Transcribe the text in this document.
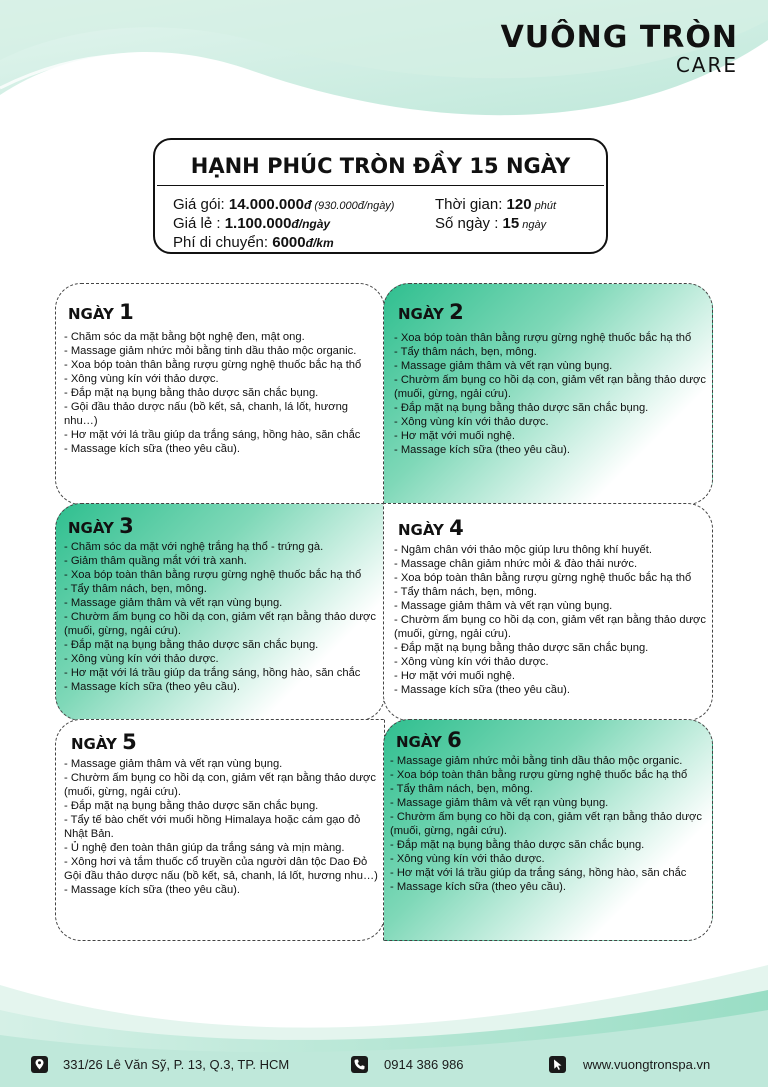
VUÔNG TRÒN
CARE
HẠNH PHÚC TRÒN ĐẦY 15 NGÀY
Giá gói: 14.000.000đ (930.000đ/ngày)
Giá lẻ : 1.100.000đ/ngày
Phí di chuyển: 6000đ/km
Thời gian: 120 phút
Số ngày : 15 ngày
NGÀY 1
- Chăm sóc da mặt bằng bột nghệ đen, mật ong.
- Massage giảm nhức mỏi bằng tinh dầu thảo mộc organic.
- Xoa bóp toàn thân bằng rượu gừng nghệ thuốc bắc hạ thổ
- Xông vùng kín với thảo dược.
- Đắp mặt nạ bụng bằng thảo dược săn chắc bụng.
- Gội đầu thảo dược nấu (bồ kết, sả, chanh, lá lốt, hương nhu…)
- Hơ mặt với lá trầu giúp da trắng sáng, hồng hào, săn chắc
- Massage kích sữa (theo yêu cầu).
NGÀY 2
- Xoa bóp toàn thân bằng rượu gừng nghệ thuốc bắc hạ thổ
- Tẩy thâm nách, bẹn, mông.
- Massage giảm thâm và vết rạn vùng bụng.
- Chườm ấm bụng co hồi dạ con, giảm vết rạn bằng thảo dược (muối, gừng, ngải cứu).
- Đắp mặt nạ bụng bằng thảo dược săn chắc bụng.
- Xông vùng kín với thảo dược.
- Hơ mặt với muối nghệ.
- Massage kích sữa (theo yêu cầu).
NGÀY 3
- Chăm sóc da mặt với nghệ trắng hạ thổ - trứng gà.
- Giảm thâm quầng mắt với trà xanh.
- Xoa bóp toàn thân bằng rượu gừng nghệ thuốc bắc hạ thổ
- Tẩy thâm nách, bẹn, mông.
- Massage giảm thâm và vết rạn vùng bụng.
- Chườm ấm bụng co hồi dạ con, giảm vết rạn bằng thảo dược (muối, gừng, ngải cứu).
- Đắp mặt nạ bụng bằng thảo dược săn chắc bụng.
- Xông vùng kín với thảo dược.
- Hơ mặt với lá trầu giúp da trắng sáng, hồng hào, săn chắc
- Massage kích sữa (theo yêu cầu).
NGÀY 4
- Ngâm chân với thảo mộc giúp lưu thông khí huyết.
- Massage chân giảm nhức mỏi & đào thải nước.
- Xoa bóp toàn thân bằng rượu gừng nghệ thuốc bắc hạ thổ
- Tẩy thâm nách, bẹn, mông.
- Massage giảm thâm và vết rạn vùng bụng.
- Chườm ấm bụng co hồi dạ con, giảm vết rạn bằng thảo dược (muối, gừng, ngải cứu).
- Đắp mặt nạ bụng bằng thảo dược săn chắc bụng.
- Xông vùng kín với thảo dược.
- Hơ mặt với muối nghệ.
- Massage kích sữa (theo yêu cầu).
NGÀY 5
- Massage giảm thâm và vết rạn vùng bụng.
- Chườm ấm bụng co hồi dạ con, giảm vết rạn bằng thảo dược (muối, gừng, ngải cứu).
- Đắp mặt nạ bụng bằng thảo dược săn chắc bụng.
- Tẩy tế bào chết với muối hồng Himalaya hoặc cám gạo đỏ Nhật Bản.
- Ủ nghệ đen toàn thân giúp da trắng sáng và mịn màng.
- Xông hơi và tắm thuốc cổ truyền của người dân tộc Dao Đỏ
Gội đầu thảo dược nấu (bồ kết, sả, chanh, lá lốt, hương nhu…)
- Massage kích sữa (theo yêu cầu).
NGÀY 6
- Massage giảm nhức mỏi bằng tinh dầu thảo mộc organic.
- Xoa bóp toàn thân bằng rượu gừng nghệ thuốc bắc hạ thổ
- Tẩy thâm nách, bẹn, mông.
- Massage giảm thâm và vết rạn vùng bụng.
- Chườm ấm bụng co hồi dạ con, giảm vết rạn bằng thảo dược (muối, gừng, ngải cứu).
- Đắp mặt nạ bụng bằng thảo dược săn chắc bụng.
- Xông vùng kín với thảo dược.
- Hơ mặt với lá trầu giúp da trắng sáng, hồng hào, săn chắc
- Massage kích sữa (theo yêu cầu).
331/26 Lê Văn Sỹ, P. 13, Q.3, TP. HCM	0914 386 986	www.vuongtronspa.vn
